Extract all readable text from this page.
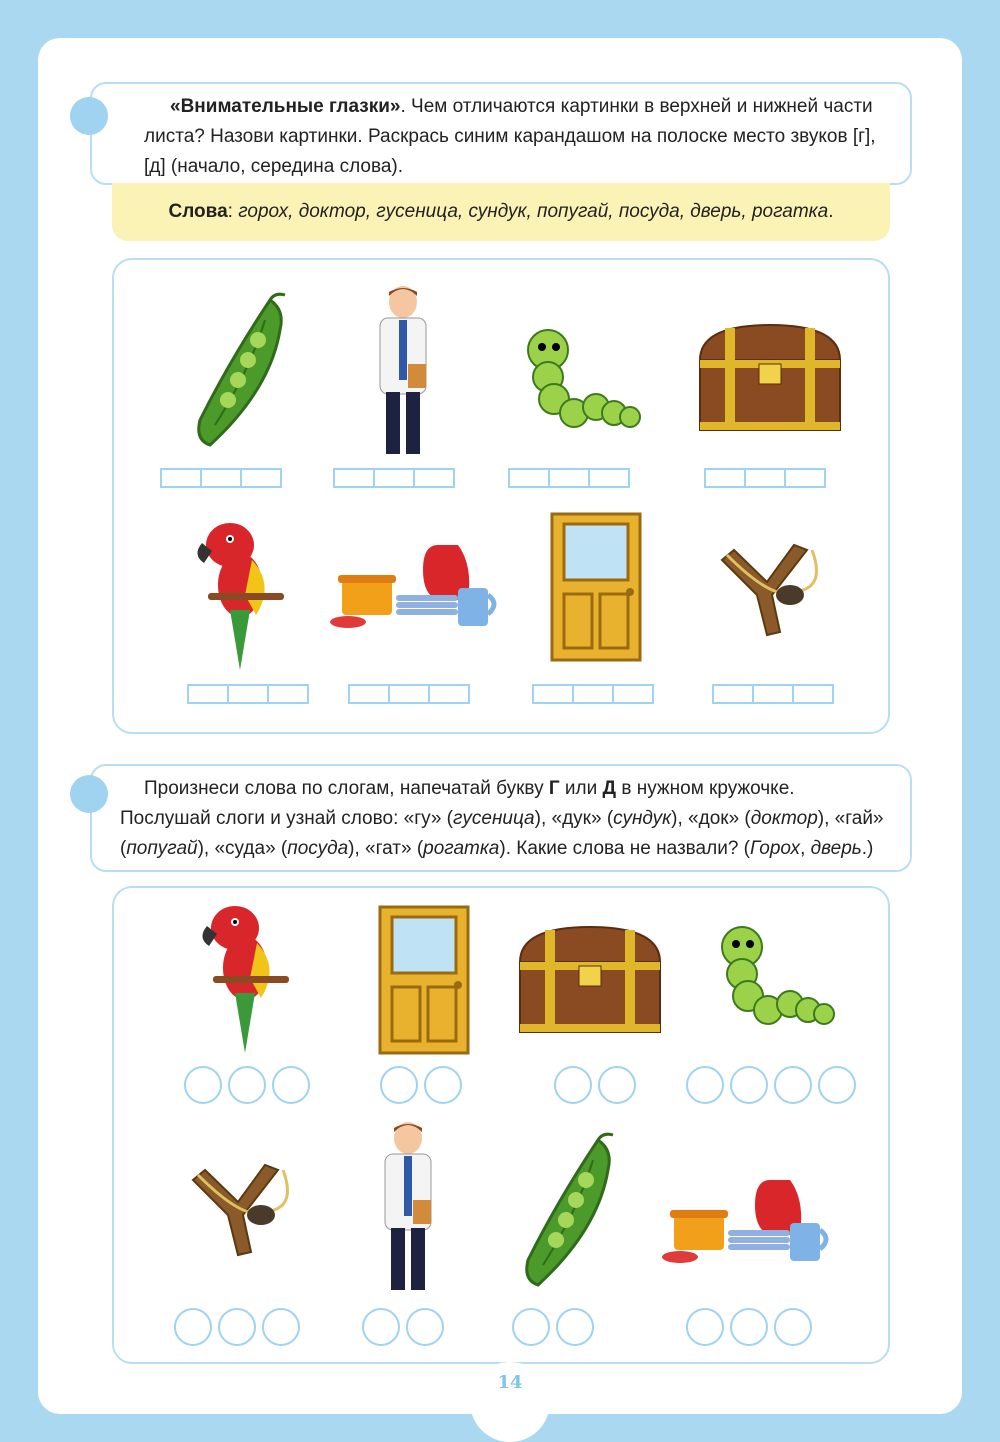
«Внимательные глазки». Чем отличаются картинки в верхней и нижней части листа? Назови картинки. Раскрась синим карандашом на полоске место звуков [г], [д] (начало, середина слова).
Слова: горох, доктор, гусеница, сундук, попугай, посуда, дверь, рогатка.
Произнеси слова по слогам, напечатай букву Г или Д в нужном кружочке. Послушай слоги и узнай слово: «гу» (гусеница), «дук» (сундук), «док» (доктор), «гай» (попугай), «суда» (посуда), «гат» (рогатка). Какие слова не назвали? (Горох, дверь.)
14
